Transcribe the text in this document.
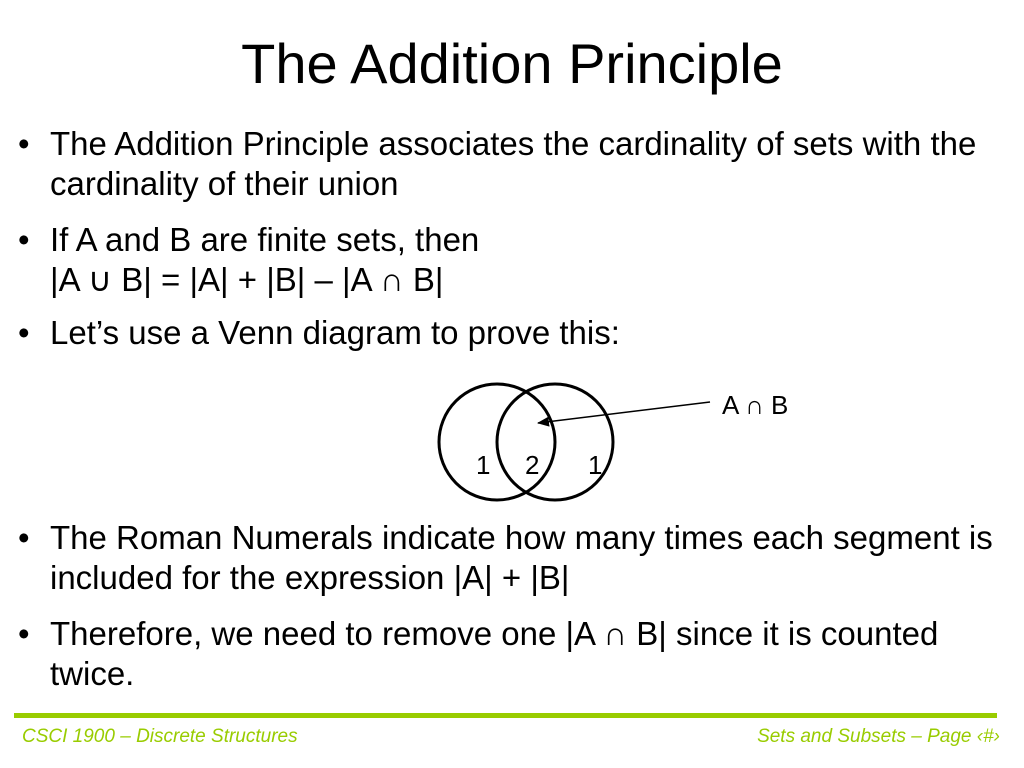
The Addition Principle
• The Addition Principle associates the cardinality of sets with the cardinality of their union
• If A and B are finite sets, then
|A ∪ B| = |A| + |B| – |A ∩ B|
• Let’s use a Venn diagram to prove this:
A ∩ B
1 2 1
• The Roman Numerals indicate how many times each segment is included for the expression |A| + |B|
• Therefore, we need to remove one |A ∩ B| since it is counted twice.
CSCI 1900 – Discrete Structures	Sets and Subsets – Page ‹#›
